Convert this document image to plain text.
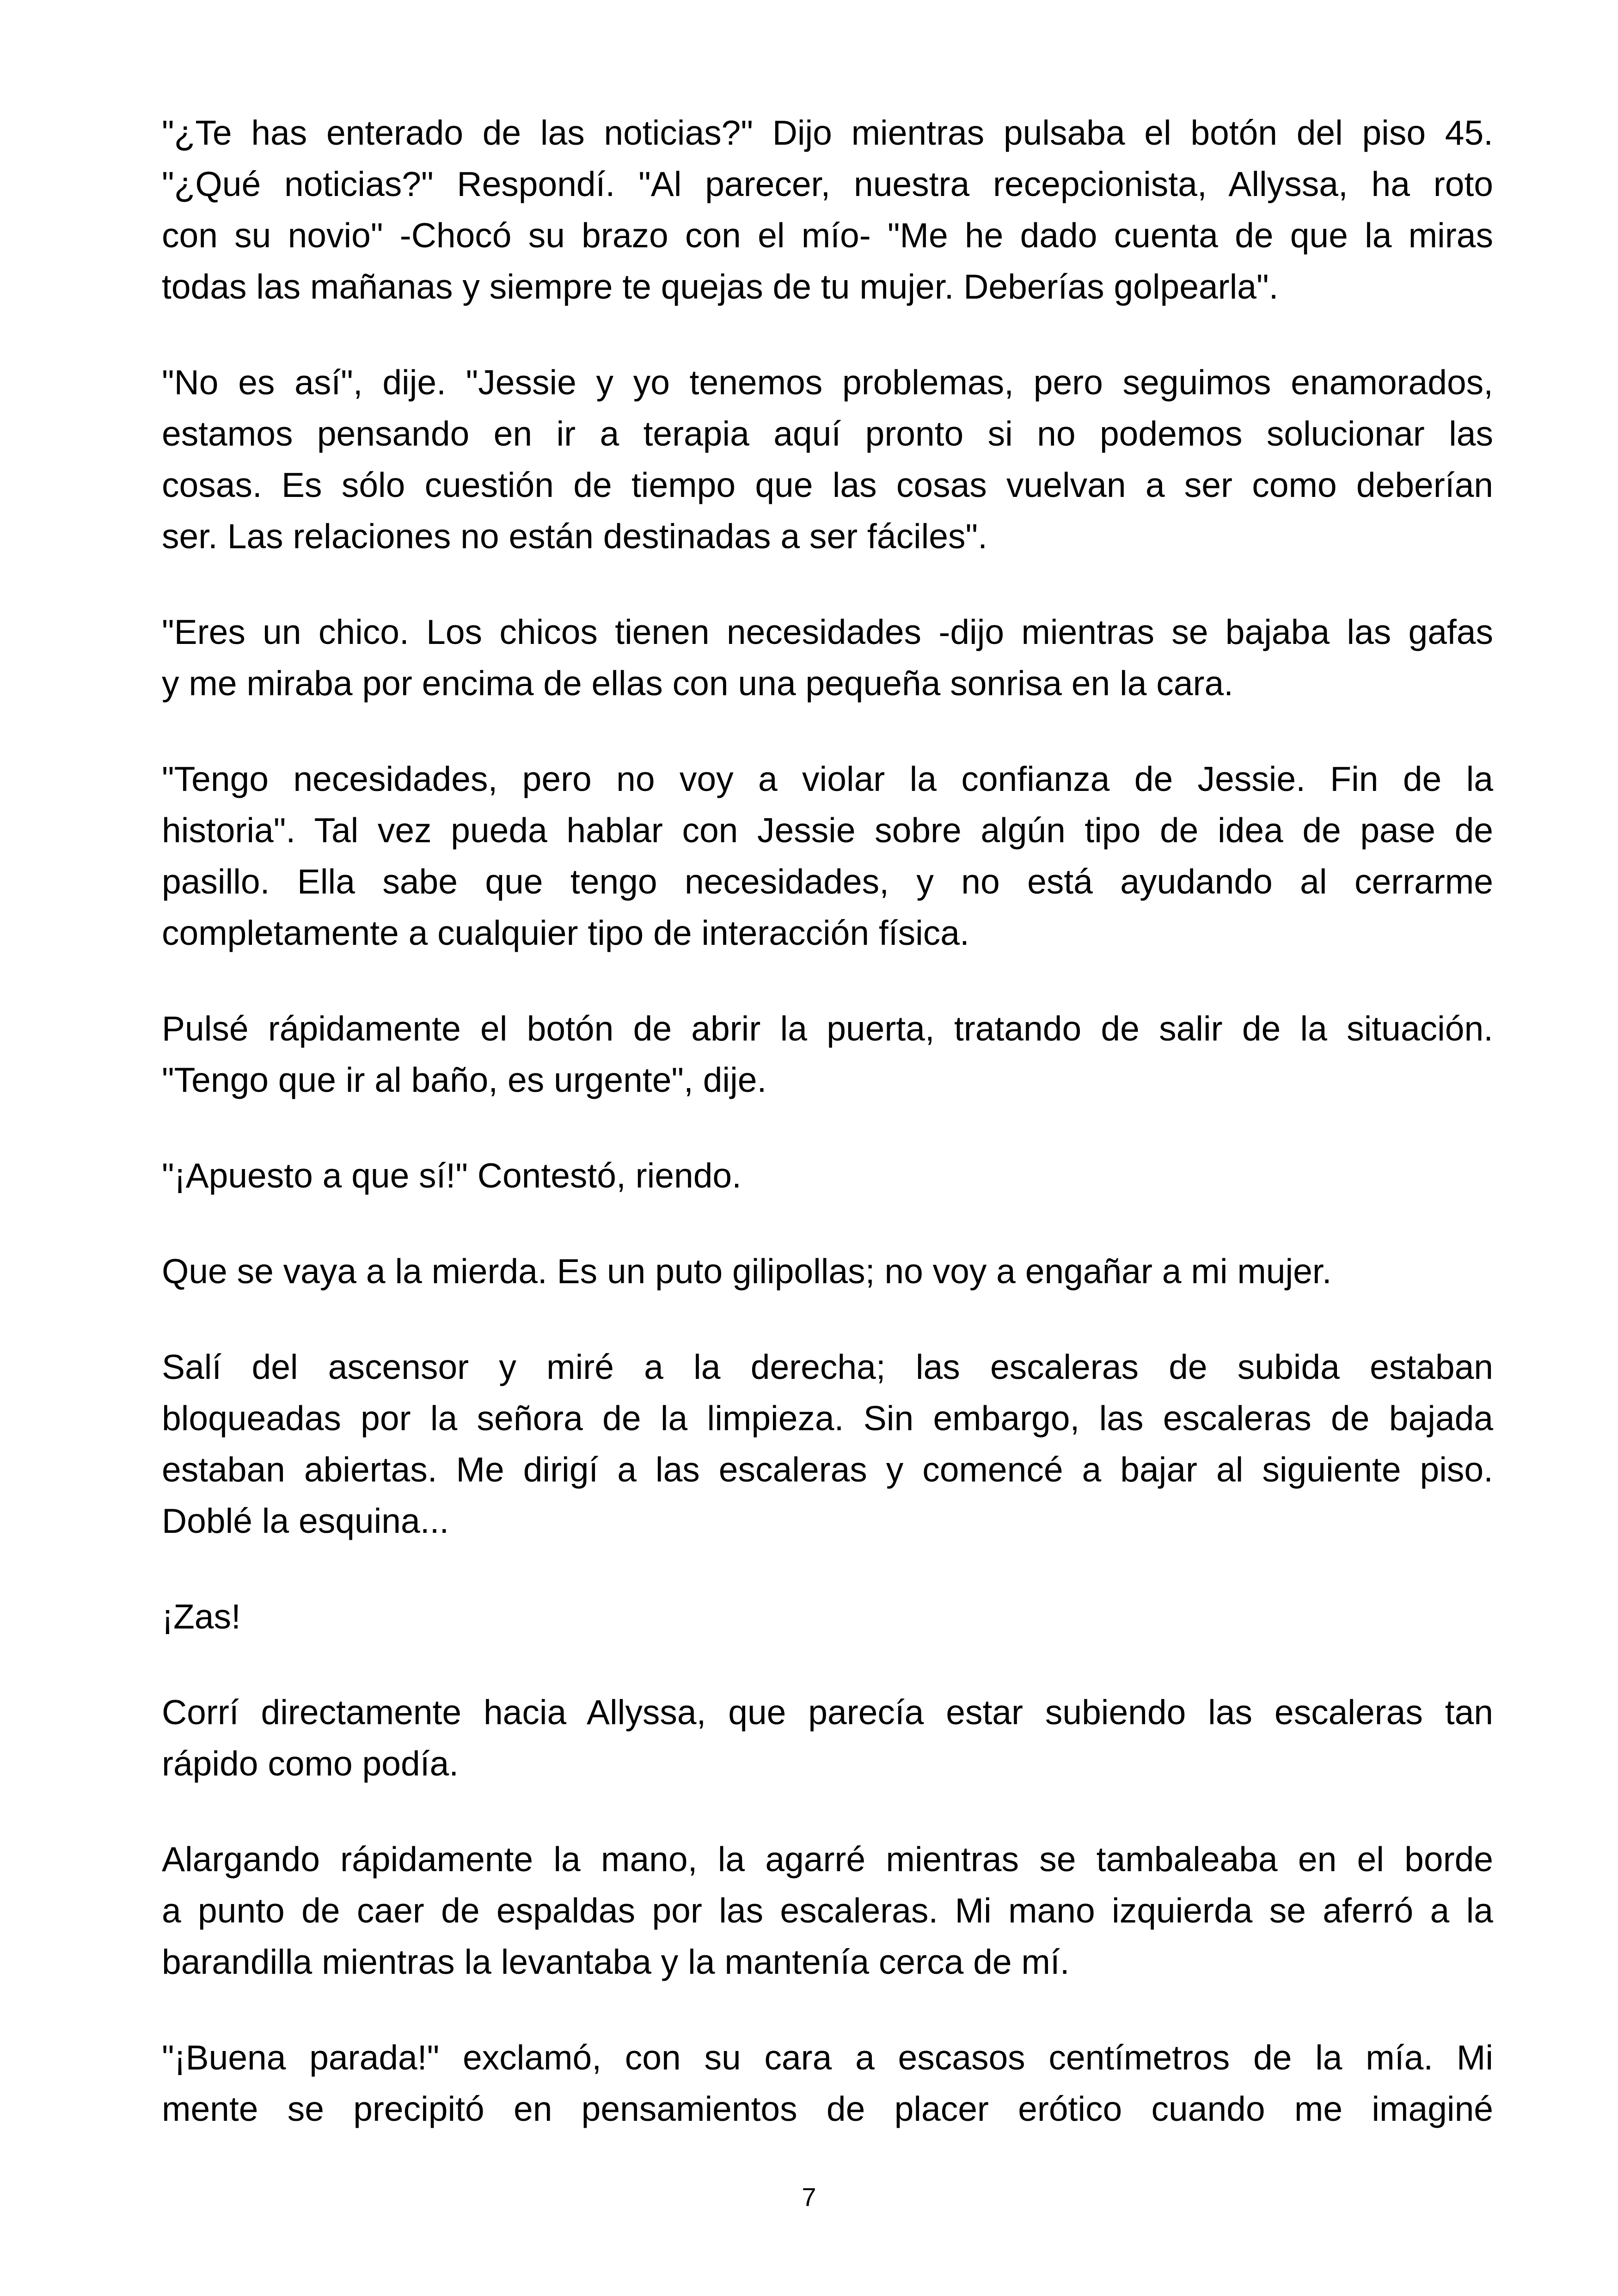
"¿Te has enterado de las noticias?" Dijo mientras pulsaba el botón del piso 45.
"¿Qué noticias?" Respondí. "Al parecer, nuestra recepcionista, Allyssa, ha roto
con su novio" -Chocó su brazo con el mío- "Me he dado cuenta de que la miras
todas las mañanas y siempre te quejas de tu mujer. Deberías golpearla".

"No es así", dije. "Jessie y yo tenemos problemas, pero seguimos enamorados,
estamos pensando en ir a terapia aquí pronto si no podemos solucionar las
cosas. Es sólo cuestión de tiempo que las cosas vuelvan a ser como deberían
ser. Las relaciones no están destinadas a ser fáciles".

"Eres un chico. Los chicos tienen necesidades -dijo mientras se bajaba las gafas
y me miraba por encima de ellas con una pequeña sonrisa en la cara.

"Tengo necesidades, pero no voy a violar la confianza de Jessie. Fin de la
historia". Tal vez pueda hablar con Jessie sobre algún tipo de idea de pase de
pasillo. Ella sabe que tengo necesidades, y no está ayudando al cerrarme
completamente a cualquier tipo de interacción física.

Pulsé rápidamente el botón de abrir la puerta, tratando de salir de la situación.
"Tengo que ir al baño, es urgente", dije.

"¡Apuesto a que sí!" Contestó, riendo.

Que se vaya a la mierda. Es un puto gilipollas; no voy a engañar a mi mujer.

Salí del ascensor y miré a la derecha; las escaleras de subida estaban
bloqueadas por la señora de la limpieza. Sin embargo, las escaleras de bajada
estaban abiertas. Me dirigí a las escaleras y comencé a bajar al siguiente piso.
Doblé la esquina...

¡Zas!

Corrí directamente hacia Allyssa, que parecía estar subiendo las escaleras tan
rápido como podía.

Alargando rápidamente la mano, la agarré mientras se tambaleaba en el borde
a punto de caer de espaldas por las escaleras. Mi mano izquierda se aferró a la
barandilla mientras la levantaba y la mantenía cerca de mí.

"¡Buena parada!" exclamó, con su cara a escasos centímetros de la mía. Mi
mente se precipitó en pensamientos de placer erótico cuando me imaginé

7
